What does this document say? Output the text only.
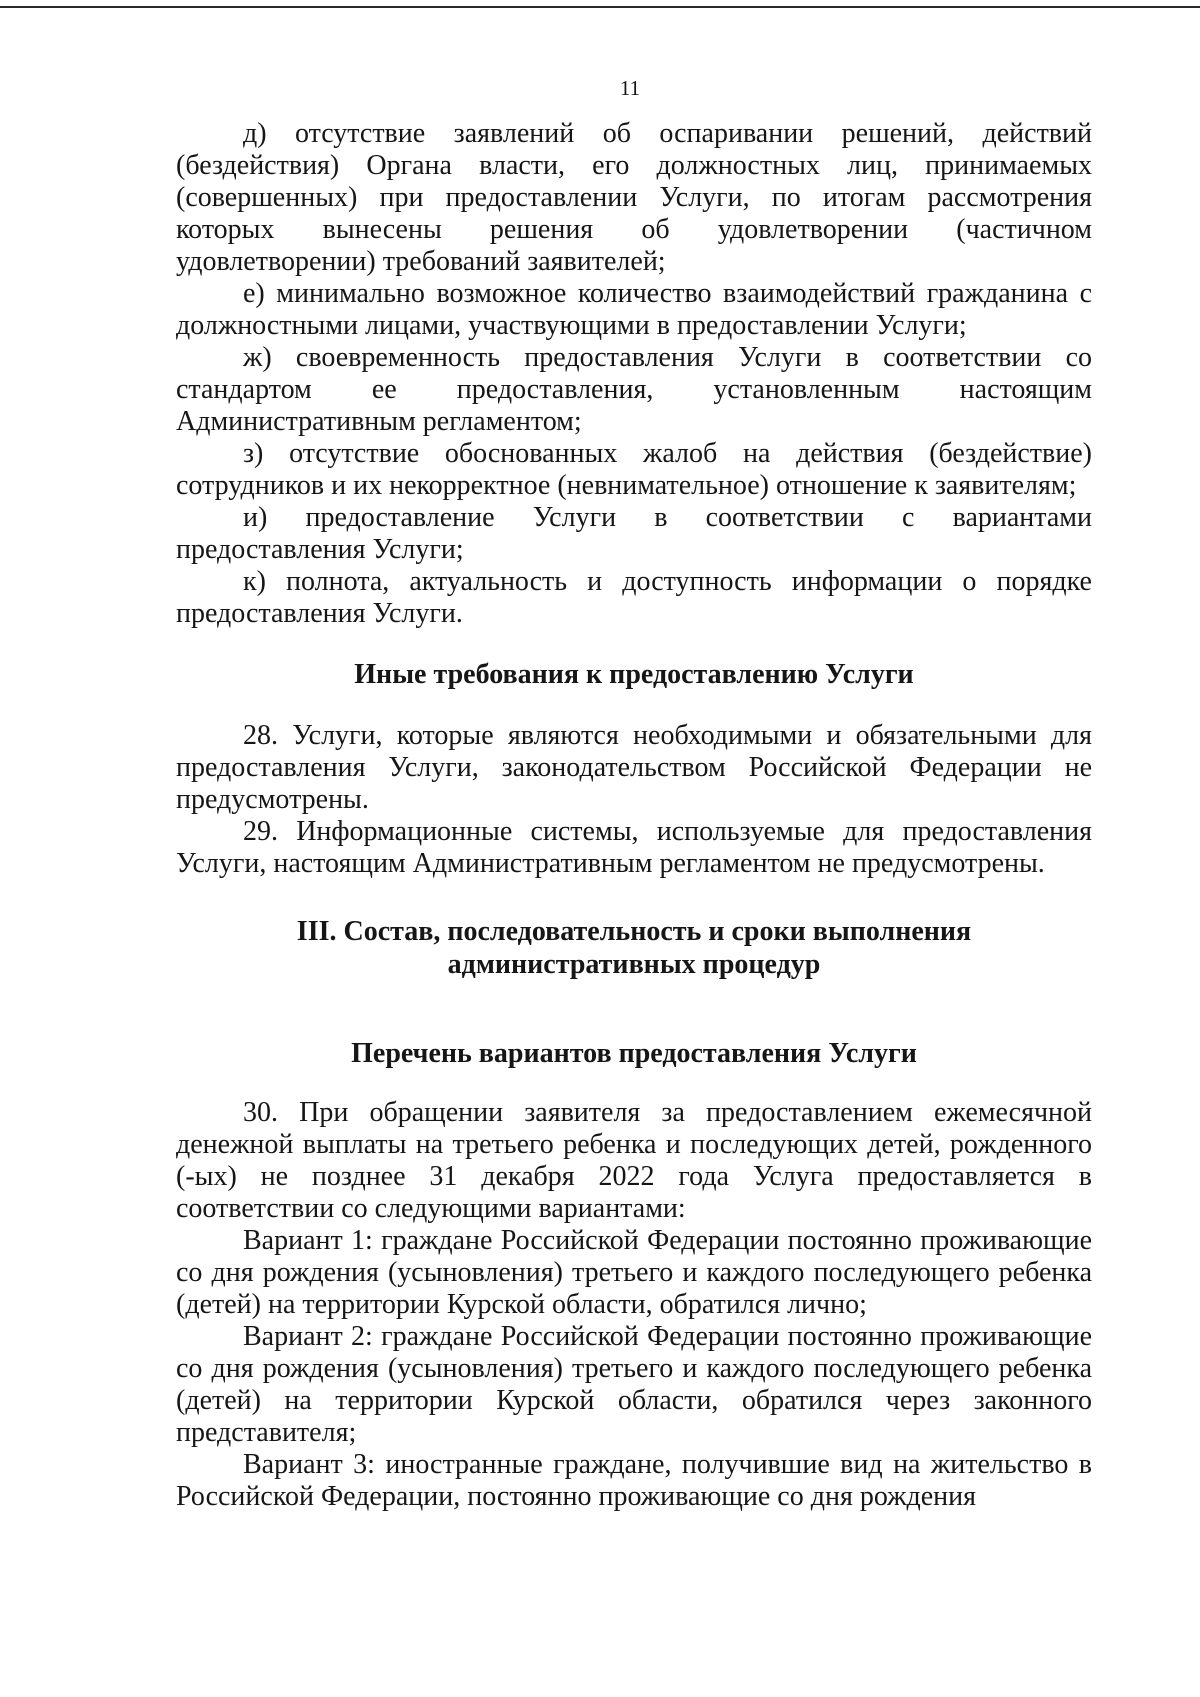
11

д) отсутствие заявлений об оспаривании решений, действий (бездействия) Органа власти, его должностных лиц, принимаемых (совершенных) при предоставлении Услуги, по итогам рассмотрения которых вынесены решения об удовлетворении (частичном удовлетворении) требований заявителей;

е) минимально возможное количество взаимодействий гражданина с должностными лицами, участвующими в предоставлении Услуги;

ж) своевременность предоставления Услуги в соответствии со стандартом ее предоставления, установленным настоящим Административным регламентом;

з) отсутствие обоснованных жалоб на действия (бездействие) сотрудников и их некорректное (невнимательное) отношение к заявителям;

и) предоставление Услуги в соответствии с вариантами предоставления Услуги;

к) полнота, актуальность и доступность информации о порядке предоставления Услуги.

Иные требования к предоставлению Услуги

28. Услуги, которые являются необходимыми и обязательными для предоставления Услуги, законодательством Российской Федерации не предусмотрены.

29. Информационные системы, используемые для предоставления Услуги, настоящим Административным регламентом не предусмотрены.

III. Состав, последовательность и сроки выполнения
административных процедур
Перечень вариантов предоставления Услуги

30. При обращении заявителя за предоставлением ежемесячной денежной выплаты на третьего ребенка и последующих детей, рожденного (-ых) не позднее 31 декабря 2022 года Услуга предоставляется в соответствии со следующими вариантами:

Вариант 1: граждане Российской Федерации постоянно проживающие со дня рождения (усыновления) третьего и каждого последующего ребенка (детей) на территории Курской области, обратился лично;

Вариант 2: граждане Российской Федерации постоянно проживающие со дня рождения (усыновления) третьего и каждого последующего ребенка (детей) на территории Курской области, обратился через законного представителя;

Вариант 3: иностранные граждане, получившие вид на жительство в Российской Федерации, постоянно проживающие со дня рождения
